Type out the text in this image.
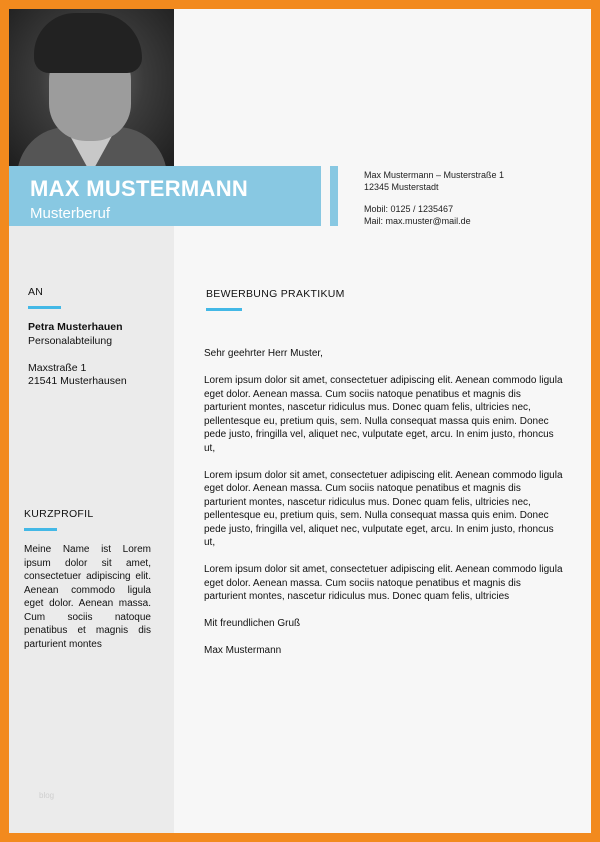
MAX MUSTERMANN
Musterberuf
Max Mustermann – Musterstraße 1
12345 Musterstadt
Mobil: 0125 / 1235467
Mail: max.muster@mail.de
AN
Petra Musterhauen
Personalabteilung
Maxstraße 1
21541 Musterhausen
KURZPROFIL
Meine Name ist Lorem ipsum dolor sit amet, consectetuer adipiscing elit. Aenean commodo ligula eget dolor. Aenean massa. Cum sociis natoque penatibus et magnis dis parturient montes
blog
BEWERBUNG PRAKTIKUM

Sehr geehrter Herr Muster,

Lorem ipsum dolor sit amet, consectetuer adipiscing elit. Aenean commodo ligula eget dolor. Aenean massa. Cum sociis natoque penatibus et magnis dis parturient montes, nascetur ridiculus mus. Donec quam felis, ultricies nec, pellentesque eu, pretium quis, sem. Nulla consequat massa quis enim. Donec pede justo, fringilla vel, aliquet nec, vulputate eget, arcu. In enim justo, rhoncus ut,

Lorem ipsum dolor sit amet, consectetuer adipiscing elit. Aenean commodo ligula eget dolor. Aenean massa. Cum sociis natoque penatibus et magnis dis parturient montes, nascetur ridiculus mus. Donec quam felis, ultricies nec, pellentesque eu, pretium quis, sem. Nulla consequat massa quis enim. Donec pede justo, fringilla vel, aliquet nec, vulputate eget, arcu. In enim justo, rhoncus ut,

Lorem ipsum dolor sit amet, consectetuer adipiscing elit. Aenean commodo ligula eget dolor. Aenean massa. Cum sociis natoque penatibus et magnis dis parturient montes, nascetur ridiculus mus. Donec quam felis, ultricies

Mit freundlichen Gruß

Max Mustermann
